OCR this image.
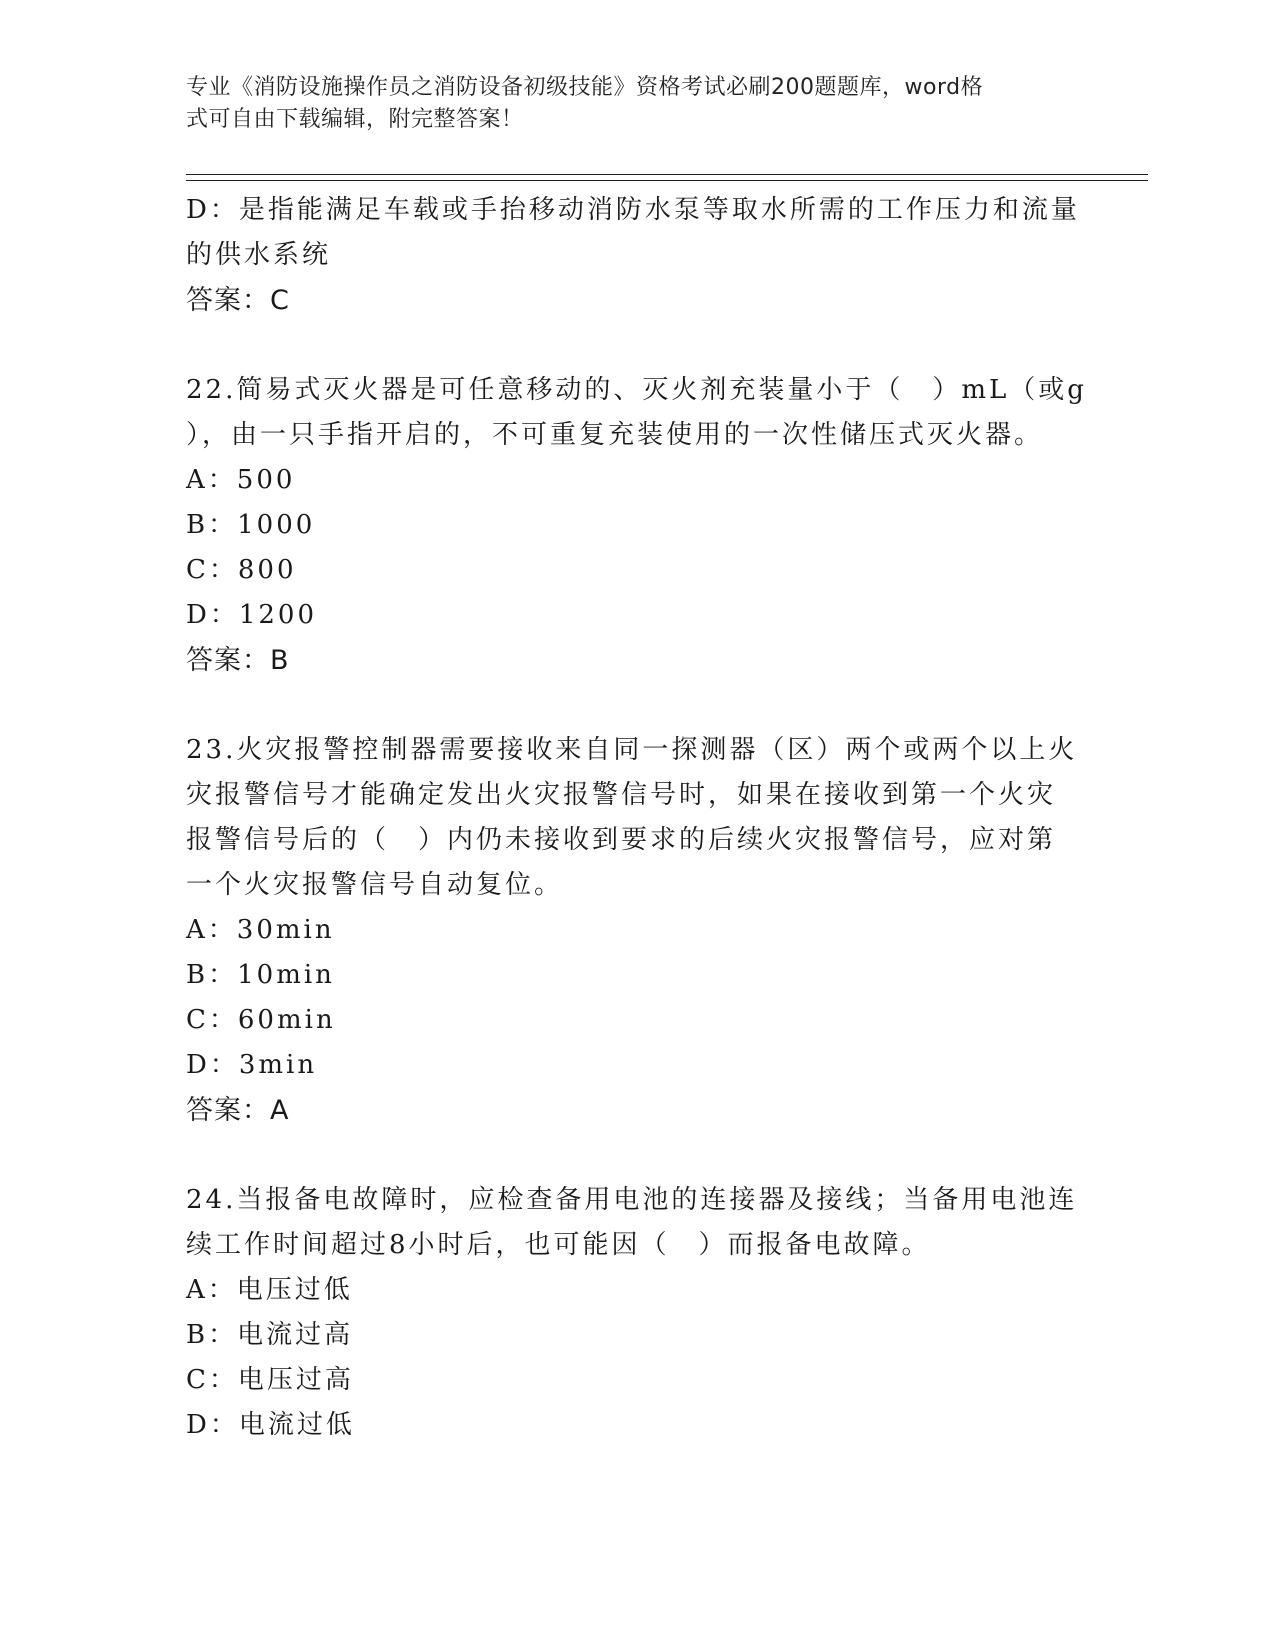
专业《消防设施操作员之消防设备初级技能》资格考试必刷200题题库，word格
式可自由下载编辑，附完整答案！
D：是指能满足车载或手抬移动消防水泵等取水所需的工作压力和流量
的供水系统
答案：C
22.简易式灭火器是可任意移动的、灭火剂充装量小于（　）mL（或g
），由一只手指开启的，不可重复充装使用的一次性储压式灭火器。
A：500
B：1000
C：800
D：1200
答案：B
23.火灾报警控制器需要接收来自同一探测器（区）两个或两个以上火
灾报警信号才能确定发出火灾报警信号时，如果在接收到第一个火灾
报警信号后的（　）内仍未接收到要求的后续火灾报警信号，应对第
一个火灾报警信号自动复位。
A：30min
B：10min
C：60min
D：3min
答案：A
24.当报备电故障时，应检查备用电池的连接器及接线；当备用电池连
续工作时间超过8小时后，也可能因（　）而报备电故障。
A：电压过低
B：电流过高
C：电压过高
D：电流过低
